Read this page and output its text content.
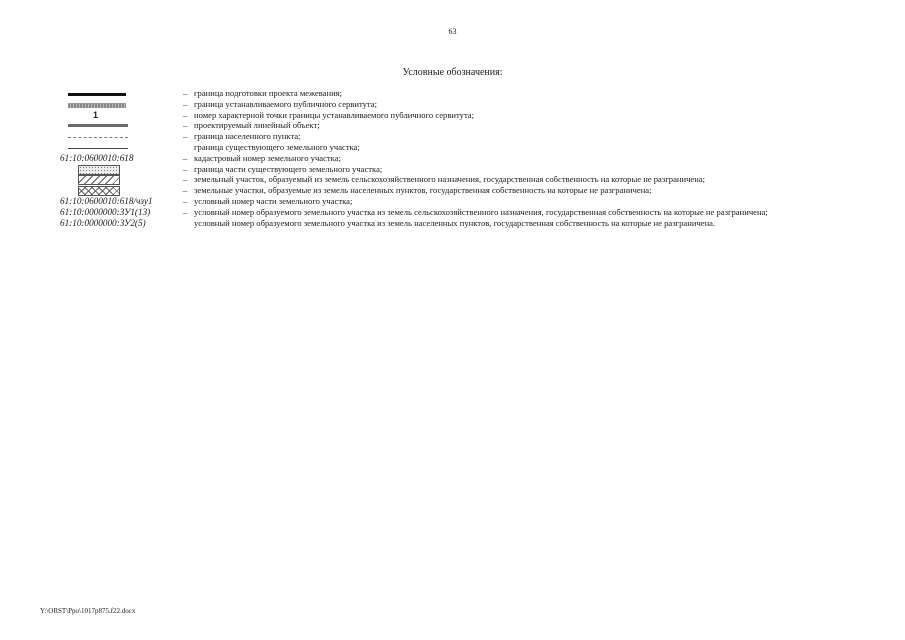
63
Условные обозначения:
– граница подготовки проекта межевания;
– граница устанавливаемого публичного сервитута;
1	– номер характерной точки границы устанавливаемого публичного сервитута;
– проектируемый линейный объект;
– граница населенного пункта;
граница существующего земельного участка;
61:10:0600010:618	– кадастровый номер земельного участка;
– граница части существующего земельного участка;
– земельный участок, образуемый из земель сельскохозяйственного назначения, государственная собственность на которые не разграничена;
– земельные участки, образуемые из земель населенных пунктов, государственная собственность на которые не разграничена;
61:10:0600010:618/чзу1	– условный номер части земельного участка;
61:10:0000000:ЗУ1(13)	– условный номер образуемого земельного участка из земель сельскохозяйственного назначения, государственная собственность на которые не разграничена;
61:10:0000000:ЗУ2(5)	условный номер образуемого земельного участка из земель населенных пунктов, государственная собственность на которые не разграничена.
Y:\ORST\Ppo\1017p875.f22.docx
